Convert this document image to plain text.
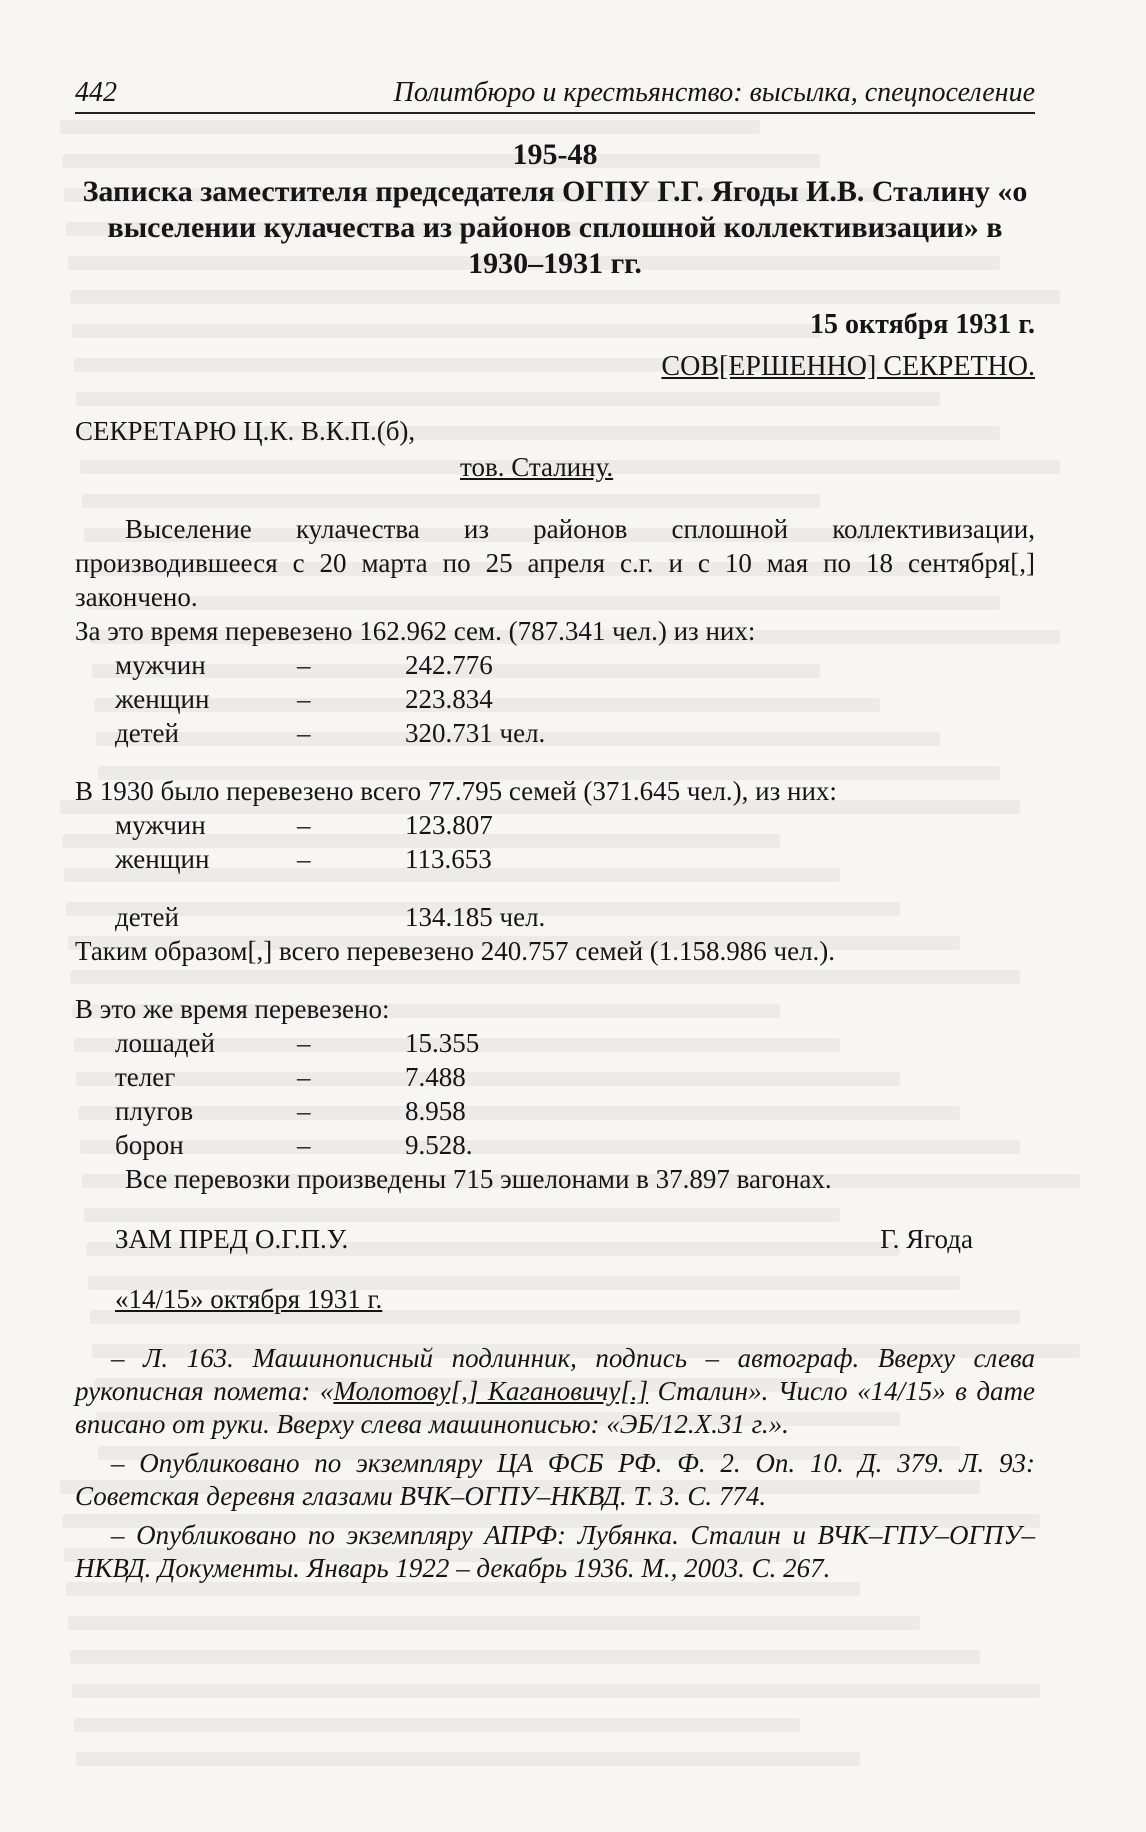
442	Политбюро и крестьянство: высылка, спецпоселение
195-48
Записка заместителя председателя ОГПУ Г.Г. Ягоды И.В. Сталину «о выселении кулачества из районов сплошной коллективизации» в 1930–1931 гг.
15 октября 1931 г.
СОВ[ЕРШЕННО] СЕКРЕТНО.
СЕКРЕТАРЮ Ц.К. В.К.П.(б),
тов. Сталину.

Выселение кулачества из районов сплошной коллективизации, производившееся с 20 марта по 25 апреля с.г. и с 10 мая по 18 сентября[,] закончено.

За это время перевезено 162.962 сем. (787.341 чел.) из них:

мужчин	–	242.776
женщин	–	223.834
детей	–	320.731 чел.

В 1930 было перевезено всего 77.795 семей (371.645 чел.), из них:

мужчин	–	123.807
женщин	–	113.653
детей	134.185 чел.

Таким образом[,] всего перевезено 240.757 семей (1.158.986 чел.).

В это же время перевезено:

лошадей	–	15.355
телег	–	7.488
плугов	–	8.958
борон	–	9.528.

Все перевозки произведены 715 эшелонами в 37.897 вагонах.

ЗАМ ПРЕД О.Г.П.У.	Г. Ягода
«14/15» октября 1931 г.

– Л. 163. Машинописный подлинник, подпись – автограф. Вверху слева рукописная помета: «Молотову[,] Кагановичу[.] Сталин». Число «14/15» в дате вписано от руки. Вверху слева машинописью: «ЭБ/12.Х.31 г.».

– Опубликовано по экземпляру ЦА ФСБ РФ. Ф. 2. Оп. 10. Д. 379. Л. 93: Советская деревня глазами ВЧК–ОГПУ–НКВД. Т. 3. С. 774.

– Опубликовано по экземпляру АПРФ: Лубянка. Сталин и ВЧК–ГПУ–ОГПУ–НКВД. Документы. Январь 1922 – декабрь 1936. М., 2003. С. 267.
